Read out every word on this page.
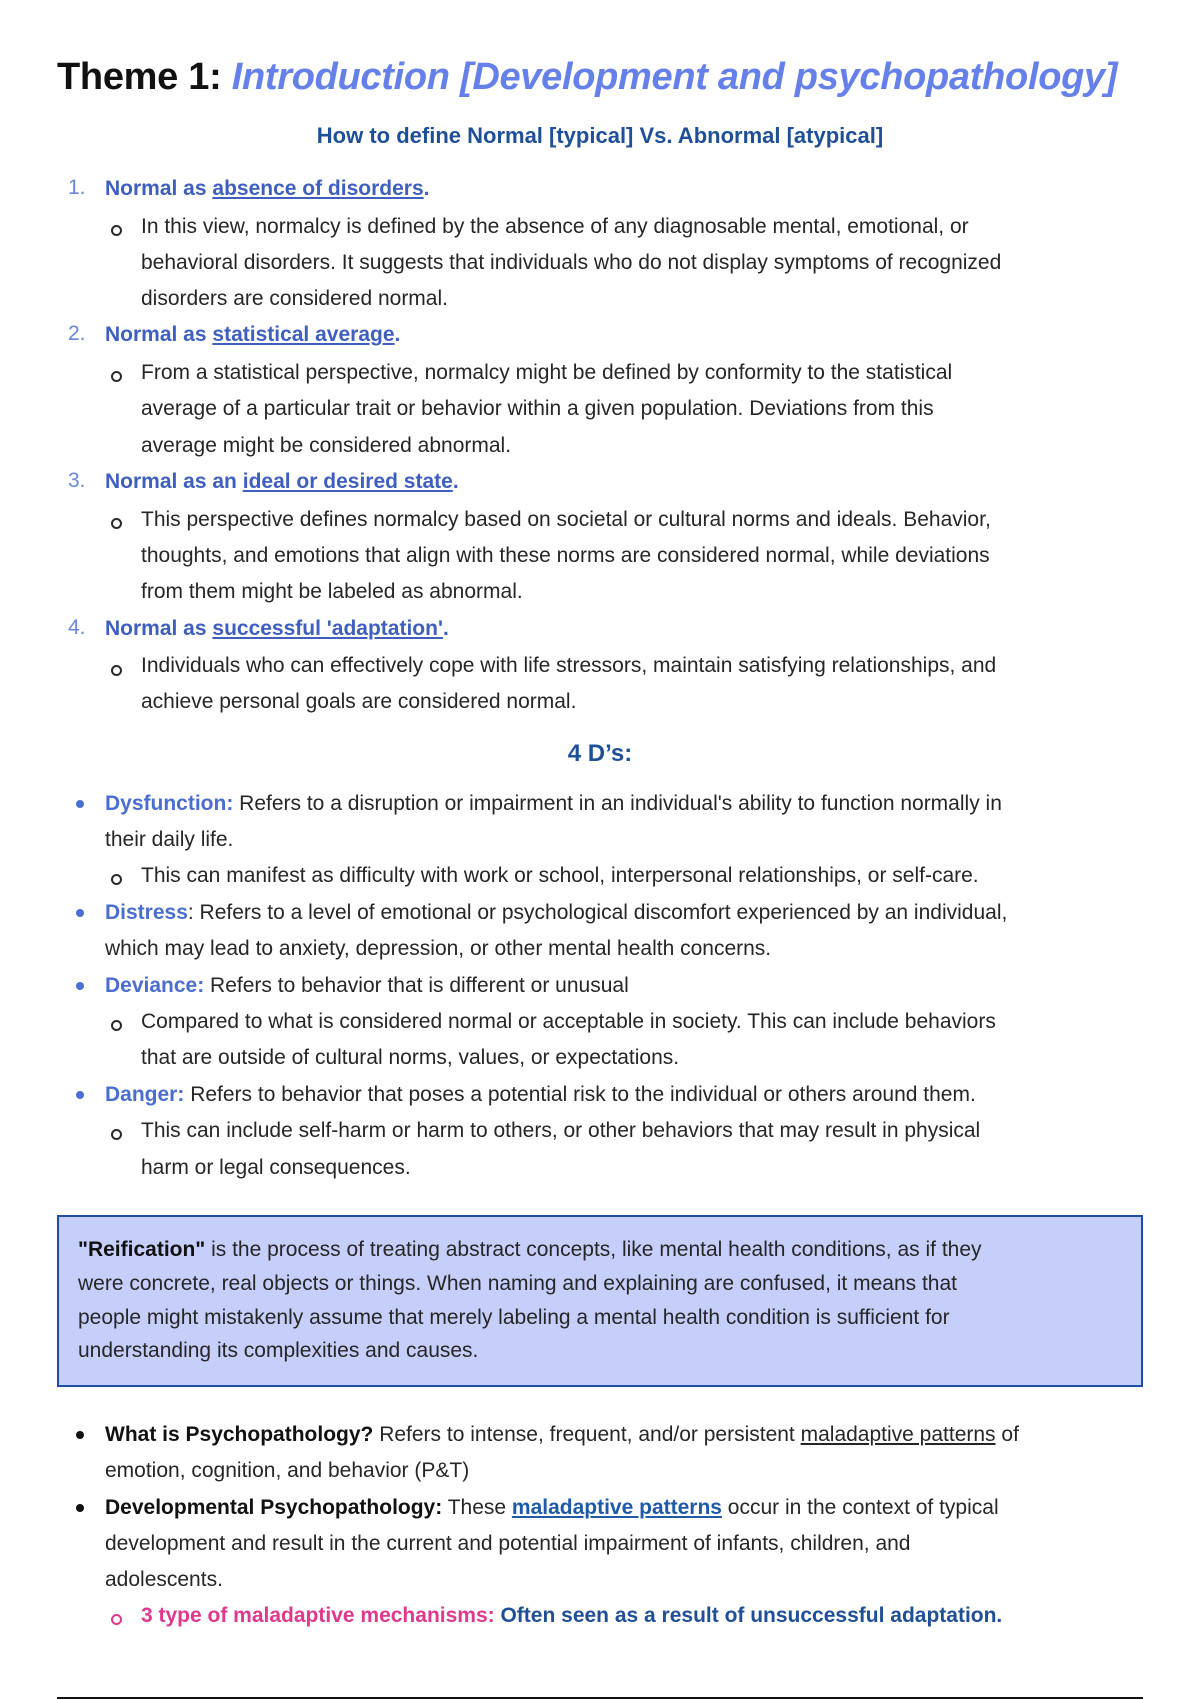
Theme 1: Introduction [Development and psychopathology]
How to define Normal [typical] Vs. Abnormal [atypical]
1. Normal as absence of disorders.
In this view, normalcy is defined by the absence of any diagnosable mental, emotional, or
behavioral disorders. It suggests that individuals who do not display symptoms of recognized
disorders are considered normal.
2. Normal as statistical average.
From a statistical perspective, normalcy might be defined by conformity to the statistical
average of a particular trait or behavior within a given population. Deviations from this
average might be considered abnormal.
3. Normal as an ideal or desired state.
This perspective defines normalcy based on societal or cultural norms and ideals. Behavior,
thoughts, and emotions that align with these norms are considered normal, while deviations
from them might be labeled as abnormal.
4. Normal as successful 'adaptation'.
Individuals who can effectively cope with life stressors, maintain satisfying relationships, and
achieve personal goals are considered normal.
4 D’s:
Dysfunction: Refers to a disruption or impairment in an individual's ability to function normally in
their daily life.
This can manifest as difficulty with work or school, interpersonal relationships, or self-care.
Distress: Refers to a level of emotional or psychological discomfort experienced by an individual,
which may lead to anxiety, depression, or other mental health concerns.
Deviance: Refers to behavior that is different or unusual
Compared to what is considered normal or acceptable in society. This can include behaviors
that are outside of cultural norms, values, or expectations.
Danger: Refers to behavior that poses a potential risk to the individual or others around them.
This can include self-harm or harm to others, or other behaviors that may result in physical
harm or legal consequences.
"Reification" is the process of treating abstract concepts, like mental health conditions, as if they
were concrete, real objects or things. When naming and explaining are confused, it means that
people might mistakenly assume that merely labeling a mental health condition is sufficient for
understanding its complexities and causes.
What is Psychopathology? Refers to intense, frequent, and/or persistent maladaptive patterns of
emotion, cognition, and behavior (P&T)
Developmental Psychopathology: These maladaptive patterns occur in the context of typical
development and result in the current and potential impairment of infants, children, and
adolescents.
3 type of maladaptive mechanisms: Often seen as a result of unsuccessful adaptation.
